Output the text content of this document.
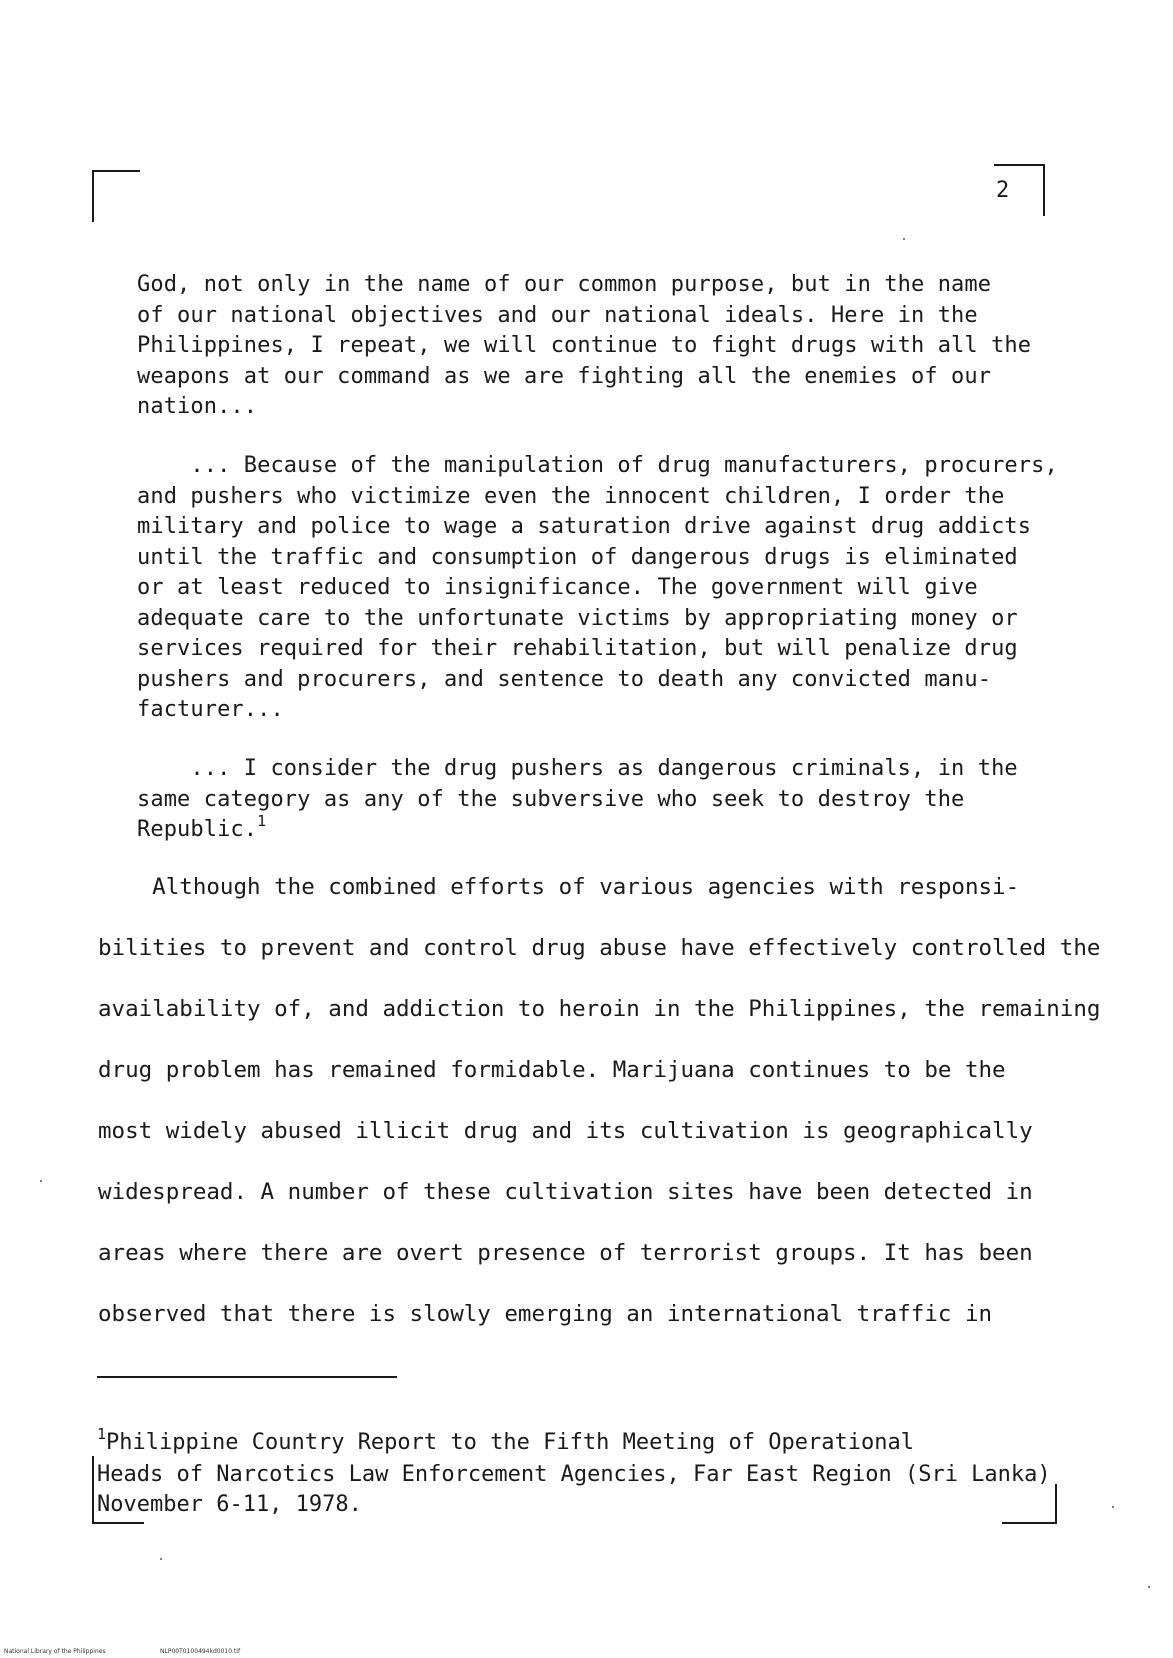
2

God, not only in the name of our common purpose, but in the name
of our national objectives and our national ideals. Here in the
Philippines, I repeat, we will continue to fight drugs with all the
weapons at our command as we are fighting all the enemies of our
nation...

... Because of the manipulation of drug manufacturers, procurers,
and pushers who victimize even the innocent children, I order the
military and police to wage a saturation drive against drug addicts
until the traffic and consumption of dangerous drugs is eliminated
or at least reduced to insignificance. The government will give
adequate care to the unfortunate victims by appropriating money or
services required for their rehabilitation, but will penalize drug
pushers and procurers, and sentence to death any convicted manu-
facturer...

... I consider the drug pushers as dangerous criminals, in the
same category as any of the subversive who seek to destroy the
Republic.$^1$

Although the combined efforts of various agencies with responsi-
bilities to prevent and control drug abuse have effectively controlled the
availability of, and addiction to heroin in the Philippines, the remaining
drug problem has remained formidable. Marijuana continues to be the
most widely abused illicit drug and its cultivation is geographically
widespread. A number of these cultivation sites have been detected in
areas where there are overt presence of terrorist groups. It has been
observed that there is slowly emerging an international traffic in

$^1$Philippine Country Report to the Fifth Meeting of Operational
Heads of Narcotics Law Enforcement Agencies, Far East Region (Sri Lanka)
November 6-11, 1978.

National Library of the Philippines	NLP00T0100494kd0010.tif
